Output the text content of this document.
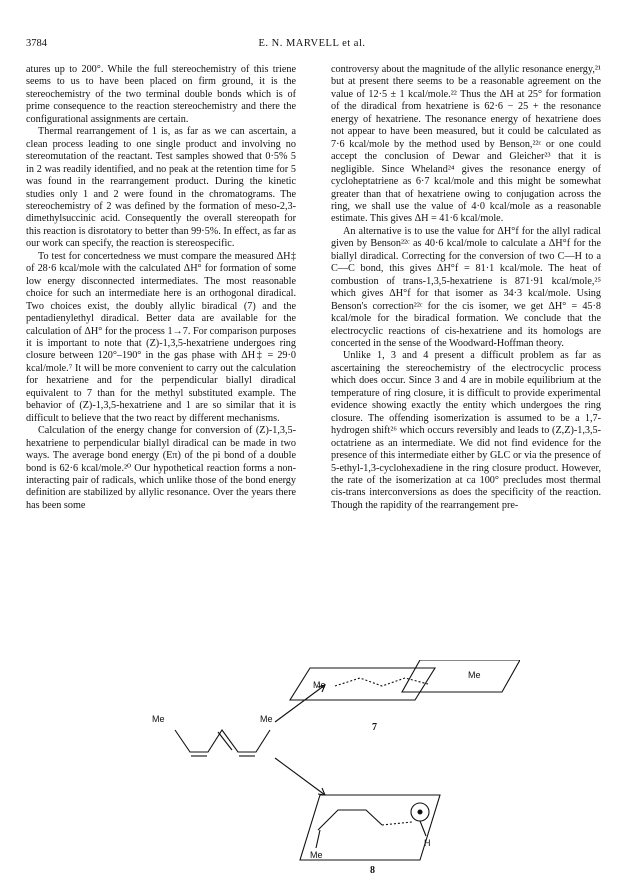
3784	E. N. MARVELL et al.

atures up to 200°. While the full stereochemistry of this triene seems to us to have been placed on firm ground, it is the stereochemistry of the two terminal double bonds which is of prime consequence to the reaction stereochemistry and there the configurational assignments are certain.

Thermal rearrangement of 1 is, as far as we can ascertain, a clean process leading to one single product and involving no stereomutation of the reactant. Test samples showed that 0·5% 5 in 2 was readily identified, and no peak at the retention time for 5 was found in the rearrangement product. During the kinetic studies only 1 and 2 were found in the chromatograms. The stereochemistry of 2 was defined by the formation of meso-2,3-dimethylsuccinic acid. Consequently the overall stereopath for this reaction is disrotatory to better than 99·5%. In effect, as far as our work can specify, the reaction is stereospecific.

To test for concertedness we must compare the measured ΔH‡ of 28·6 kcal/mole with the calculated ΔH° for formation of some low energy disconnected intermediates. The most reasonable choice for such an intermediate here is an orthogonal diradical. Two choices exist, the doubly allylic biradical (7) and the pentadienylethyl diradical. Better data are available for the calculation of ΔH° for the process 1→7. For comparison purposes it is important to note that (Z)-1,3,5-hexatriene undergoes ring closure between 120°–190° in the gas phase with ΔH‡ = 29·0 kcal/mole.⁷ It will be more convenient to carry out the calculation for hexatriene and for the perpendicular biallyl diradical equivalent to 7 than for the methyl substituted example. The behavior of (Z)-1,3,5-hexatriene and 1 are so similar that it is difficult to believe that the two react by different mechanisms.

Calculation of the energy change for conversion of (Z)-1,3,5-hexatriene to perpendicular biallyl diradical can be made in two ways. The average bond energy (Eπ) of the pi bond of a double bond is 62·6 kcal/mole.²⁰ Our hypothetical reaction forms a non-interacting pair of radicals, which unlike those of the bond energy definition are stabilized by allylic resonance. Over the years there has been some

controversy about the magnitude of the allylic resonance energy,²¹ but at present there seems to be a reasonable agreement on the value of 12·5 ± 1 kcal/mole.²² Thus the ΔH at 25° for formation of the diradical from hexatriene is 62·6 − 25 + the resonance energy of hexatriene. The resonance energy of hexatriene does not appear to have been measured, but it could be calculated as 7·6 kcal/mole by the method used by Benson,²²ᶜ or one could accept the conclusion of Dewar and Gleicher²³ that it is negligible. Since Wheland²⁴ gives the resonance energy of cycloheptatriene as 6·7 kcal/mole and this might be somewhat greater than that of hexatriene owing to conjugation across the ring, we shall use the value of 4·0 kcal/mole as a reasonable estimate. This gives ΔH = 41·6 kcal/mole.

An alternative is to use the value for ΔH°f for the allyl radical given by Benson²²ᶜ as 40·6 kcal/mole to calculate a ΔH°f for the biallyl diradical. Correcting for the conversion of two C—H to a C—C bond, this gives ΔH°f = 81·1 kcal/mole. The heat of combustion of trans-1,3,5-hexatriene is 871·91 kcal/mole,²⁵ which gives ΔH°f for that isomer as 34·3 kcal/mole. Using Benson's correction²²ᶜ for the cis isomer, we get ΔH° = 45·8 kcal/mole for the biradical formation. We conclude that the electrocyclic reactions of cis-hexatriene and its homologs are concerted in the sense of the Woodward-Hoffman theory.

Unlike 1, 3 and 4 present a difficult problem as far as ascertaining the stereochemistry of the electrocyclic process which does occur. Since 3 and 4 are in mobile equilibrium at the temperature of ring closure, it is difficult to provide experimental evidence showing exactly the entity which undergoes the ring closure. The offending isomerization is assumed to be a 1,7-hydrogen shift²⁶ which occurs reversibly and leads to (Z,Z)-1,3,5-octatriene as an intermediate. We did not find evidence for the presence of this intermediate either by GLC or via the presence of 5-ethyl-1,3-cyclohexadiene in the ring closure product. However, the rate of the isomerization at ca 100° precludes most thermal cis-trans interconversions as does the specificity of the reaction. Though the rapidity of the rearrangement pre-

Me	Me
Me
Me
Me
H
7
8
